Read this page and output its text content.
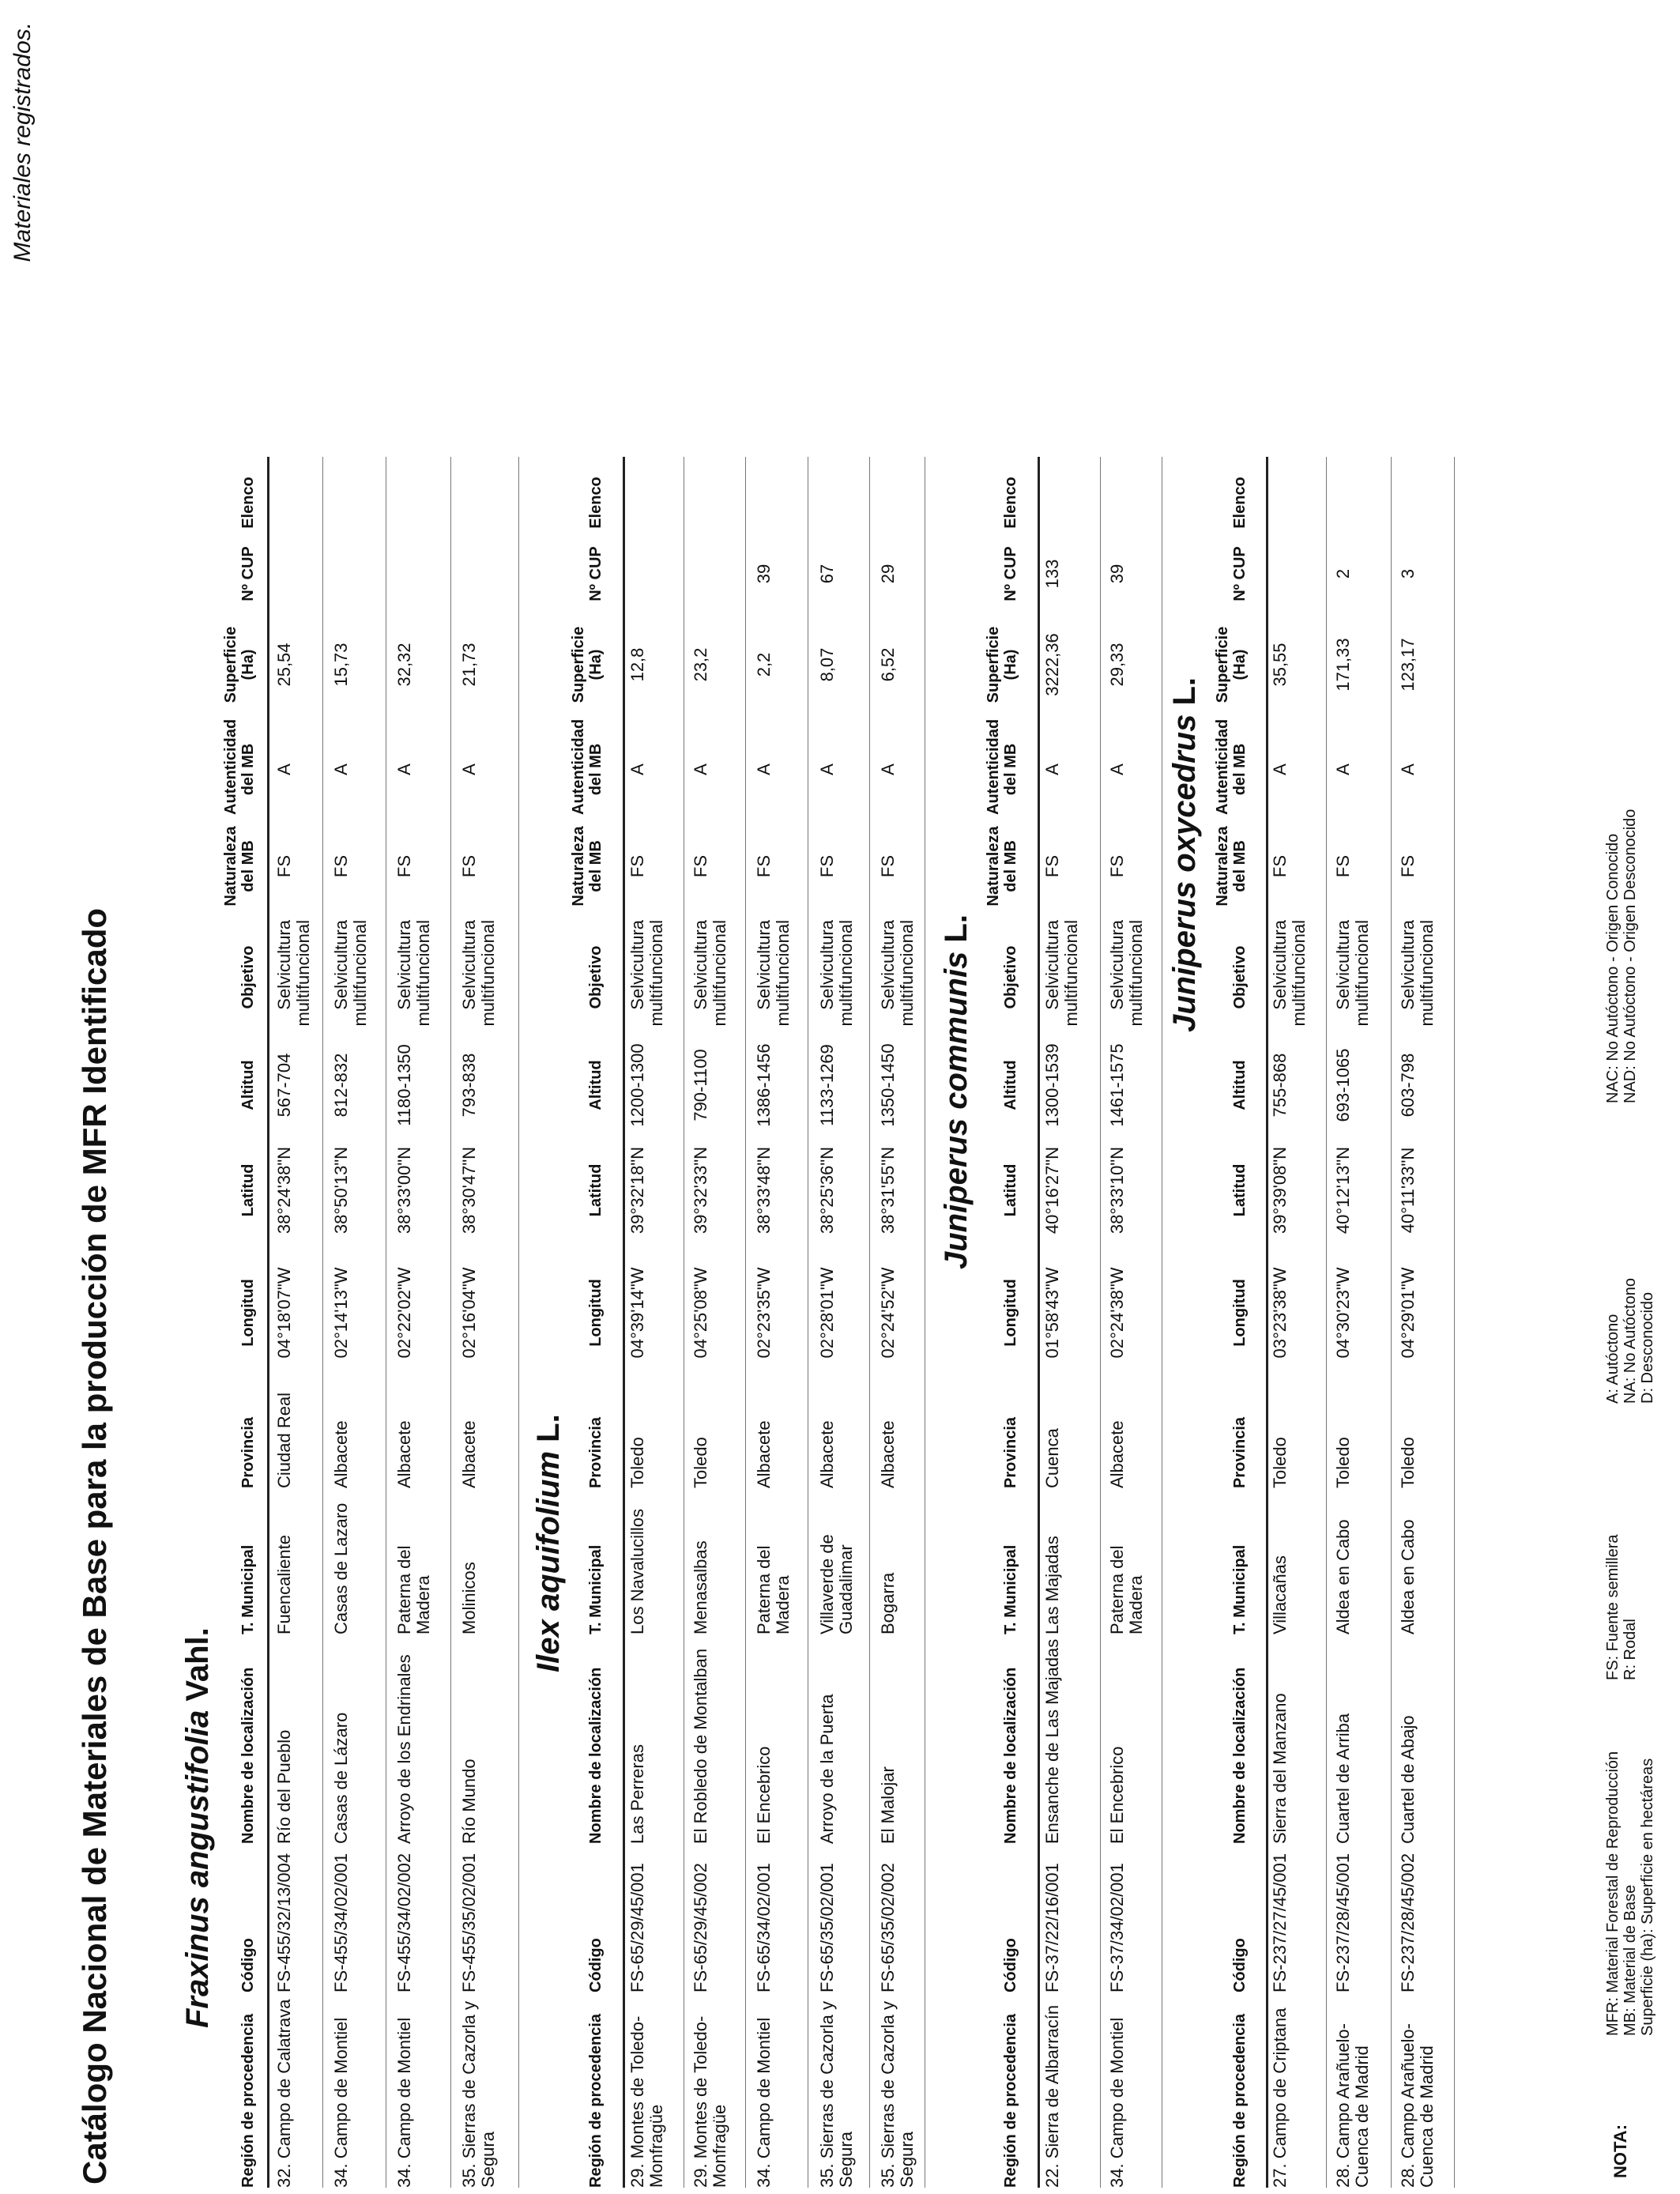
Materiales registrados.
Catálogo Nacional de Materiales de Base para la producción de MFR Identificado Fraxinus angustifolia Vahl.
Región de procedencia
Código
Nombre de localización
T. Municipal
Provincia
Longitud
Latitud
Altitud
Objetivo
Naturaleza del MB
Autenticidad del MB
Superficie (Ha)
Nº CUP
Elenco
32. Campo de Calatrava
FS-455/32/13/004
Río del Pueblo
Fuencaliente
Ciudad Real
04°18'07"W
38°24'38"N
567-704
Selvicultura multifuncional
FS
A
25,54
34. Campo de Montiel
FS-455/34/02/001
Casas de Lázaro
Casas de Lazaro
Albacete
02°14'13"W
38°50'13"N
812-832
Selvicultura multifuncional
FS
A
15,73
34. Campo de Montiel
FS-455/34/02/002
Arroyo de los Endrinales
Paterna del Madera
Albacete
02°22'02"W
38°33'00"N
1180-1350
Selvicultura multifuncional
FS
A
32,32
35. Sierras de Cazorla y Segura
FS-455/35/02/001
Río Mundo
Molinicos
Albacete
02°16'04"W
38°30'47"N
793-838
Selvicultura multifuncional
FS
A
21,73
Ilex aquifolium L.
Región de procedencia
Código
Nombre de localización
T. Municipal
Provincia
Longitud
Latitud
Altitud
Objetivo
Naturaleza del MB
Autenticidad del MB
Superficie (Ha)
Nº CUP
Elenco
29. Montes de Toledo-Monfragüe
FS-65/29/45/001
Las Perreras
Los Navalucillos
Toledo
04°39'14"W
39°32'18"N
1200-1300
Selvicultura multifuncional
FS
A
12,8
29. Montes de Toledo-Monfragüe
FS-65/29/45/002
El Robledo de Montalban
Menasalbas
Toledo
04°25'08"W
39°32'33"N
790-1100
Selvicultura multifuncional
FS
A
23,2
34. Campo de Montiel
FS-65/34/02/001
El Encebrico
Paterna del Madera
Albacete
02°23'35"W
38°33'48"N
1386-1456
Selvicultura multifuncional
FS
A
2,2
39
35. Sierras de Cazorla y Segura
FS-65/35/02/001
Arroyo de la Puerta
Villaverde de Guadalimar
Albacete
02°28'01"W
38°25'36"N
1133-1269
Selvicultura multifuncional
FS
A
8,07
67
35. Sierras de Cazorla y Segura
FS-65/35/02/002
El Malojar
Bogarra
Albacete
02°24'52"W
38°31'55"N
1350-1450
Selvicultura multifuncional
FS
A
6,52
29
Juniperus communis L.
Región de procedencia
Código
Nombre de localización
T. Municipal
Provincia
Longitud
Latitud
Altitud
Objetivo
Naturaleza del MB
Autenticidad del MB
Superficie (Ha)
Nº CUP
Elenco
22. Sierra de Albarracín
FS-37/22/16/001
Ensanche de Las Majadas
Las Majadas
Cuenca
01°58'43"W
40°16'27"N
1300-1539
Selvicultura multifuncional
FS
A
3222,36
133
34. Campo de Montiel
FS-37/34/02/001
El Encebrico
Paterna del Madera
Albacete
02°24'38"W
38°33'10"N
1461-1575
Selvicultura multifuncional
FS
A
29,33
39
Juniperus oxycedrus L.
Región de procedencia
Código
Nombre de localización
T. Municipal
Provincia
Longitud
Latitud
Altitud
Objetivo
Naturaleza del MB
Autenticidad del MB
Superficie (Ha)
Nº CUP
Elenco
27. Campo de Criptana
FS-237/27/45/001
Sierra del Manzano
Villacañas
Toledo
03°23'38"W
39°39'08"N
755-868
Selvicultura multifuncional
FS
A
35,55
28. Campo Arañuelo-Cuenca de Madrid
FS-237/28/45/001
Cuartel de Arriba
Aldea en Cabo
Toledo
04°30'23"W
40°12'13"N
693-1065
Selvicultura multifuncional
FS
A
171,33
2
28. Campo Arañuelo-Cuenca de Madrid
FS-237/28/45/002
Cuartel de Abajo
Aldea en Cabo
Toledo
04°29'01"W
40°11'33"N
603-798
Selvicultura multifuncional
FS
A
123,17
3
NOTA:
MFR: Material Forestal de Reproducción MB: Material de Base Superficie (ha): Superficie en hectáreas
FS: Fuente semillera R: Rodal
A: Autóctono NA: No Autóctono D: Desconocido
NAC: No Autóctono - Origen Conocido NAD: No Autóctono - Origen Desconocido
